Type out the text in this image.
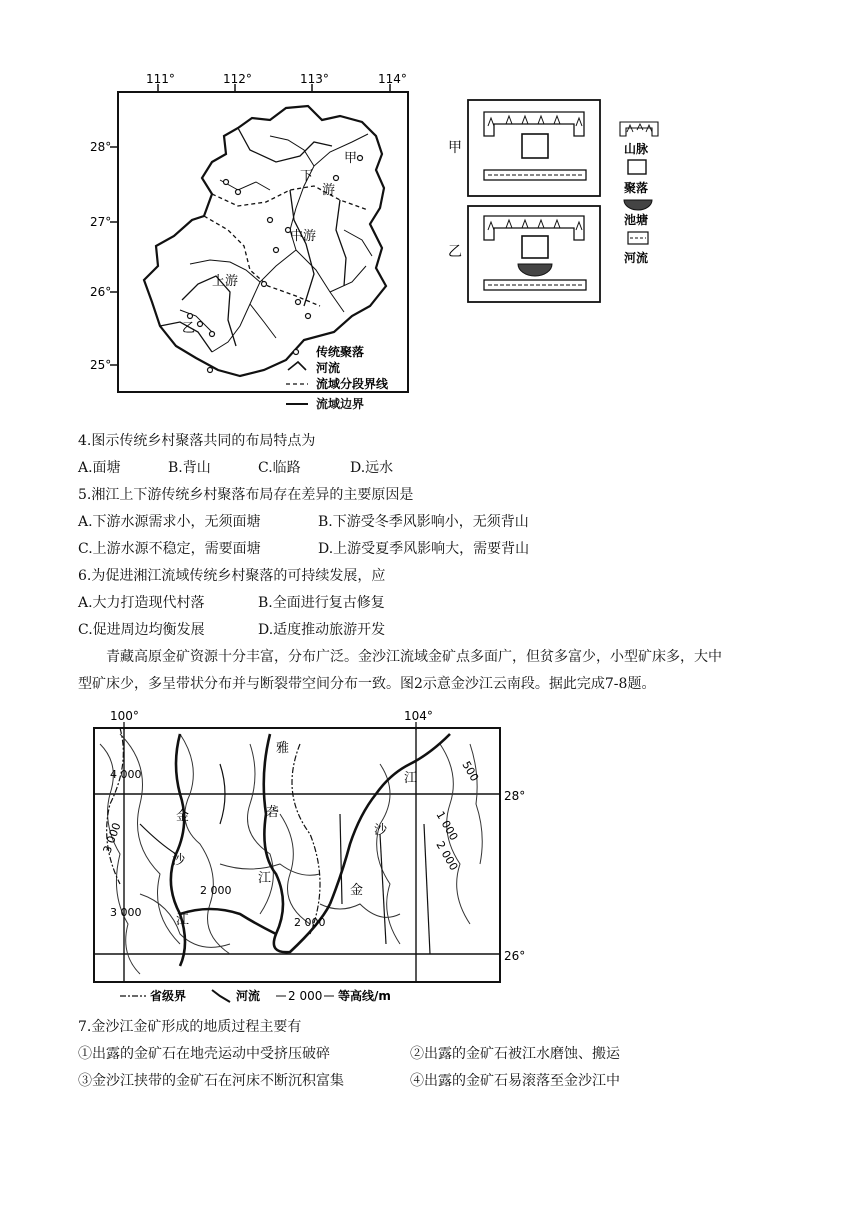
111°	112°	113°	114°
28°
27°
26°
25°
甲
下
游
中游
上游
乙
传统聚落
河流
流域分段界线
流域边界
甲
乙
山脉
聚落
池塘
河流
4.图示传统乡村聚落共同的布局特点为
A.面塘	B.背山	C.临路	D.远水
5.湘江上下游传统乡村聚落布局存在差异的主要原因是
A.下游水源需求小，无须面塘	B.下游受冬季风影响小，无须背山
C.上游水源不稳定，需要面塘	D.上游受夏季风影响大，需要背山
6.为促进湘江流域传统乡村聚落的可持续发展，应
A.大力打造现代村落	B.全面进行复古修复
C.促进周边均衡发展	D.适度推动旅游开发
青藏高原金矿资源十分丰富，分布广泛。金沙江流域金矿点多面广，但贫多富少，小型矿床多，大中
型矿床少，多呈带状分布并与断裂带空间分布一致。图2示意金沙江云南段。据此完成7-8题。
100°	104°
28°
26°
雅
砻
江
金
沙
江
金
沙
江
4 000
3 000
2 000
2 000
3 000
500
1 000
2 000
省级界	河流 2 000 等高线/m
7.金沙江金矿形成的地质过程主要有
①出露的金矿石在地壳运动中受挤压破碎	②出露的金矿石被江水磨蚀、搬运
③金沙江挟带的金矿石在河床不断沉积富集	④出露的金矿石易滚落至金沙江中
